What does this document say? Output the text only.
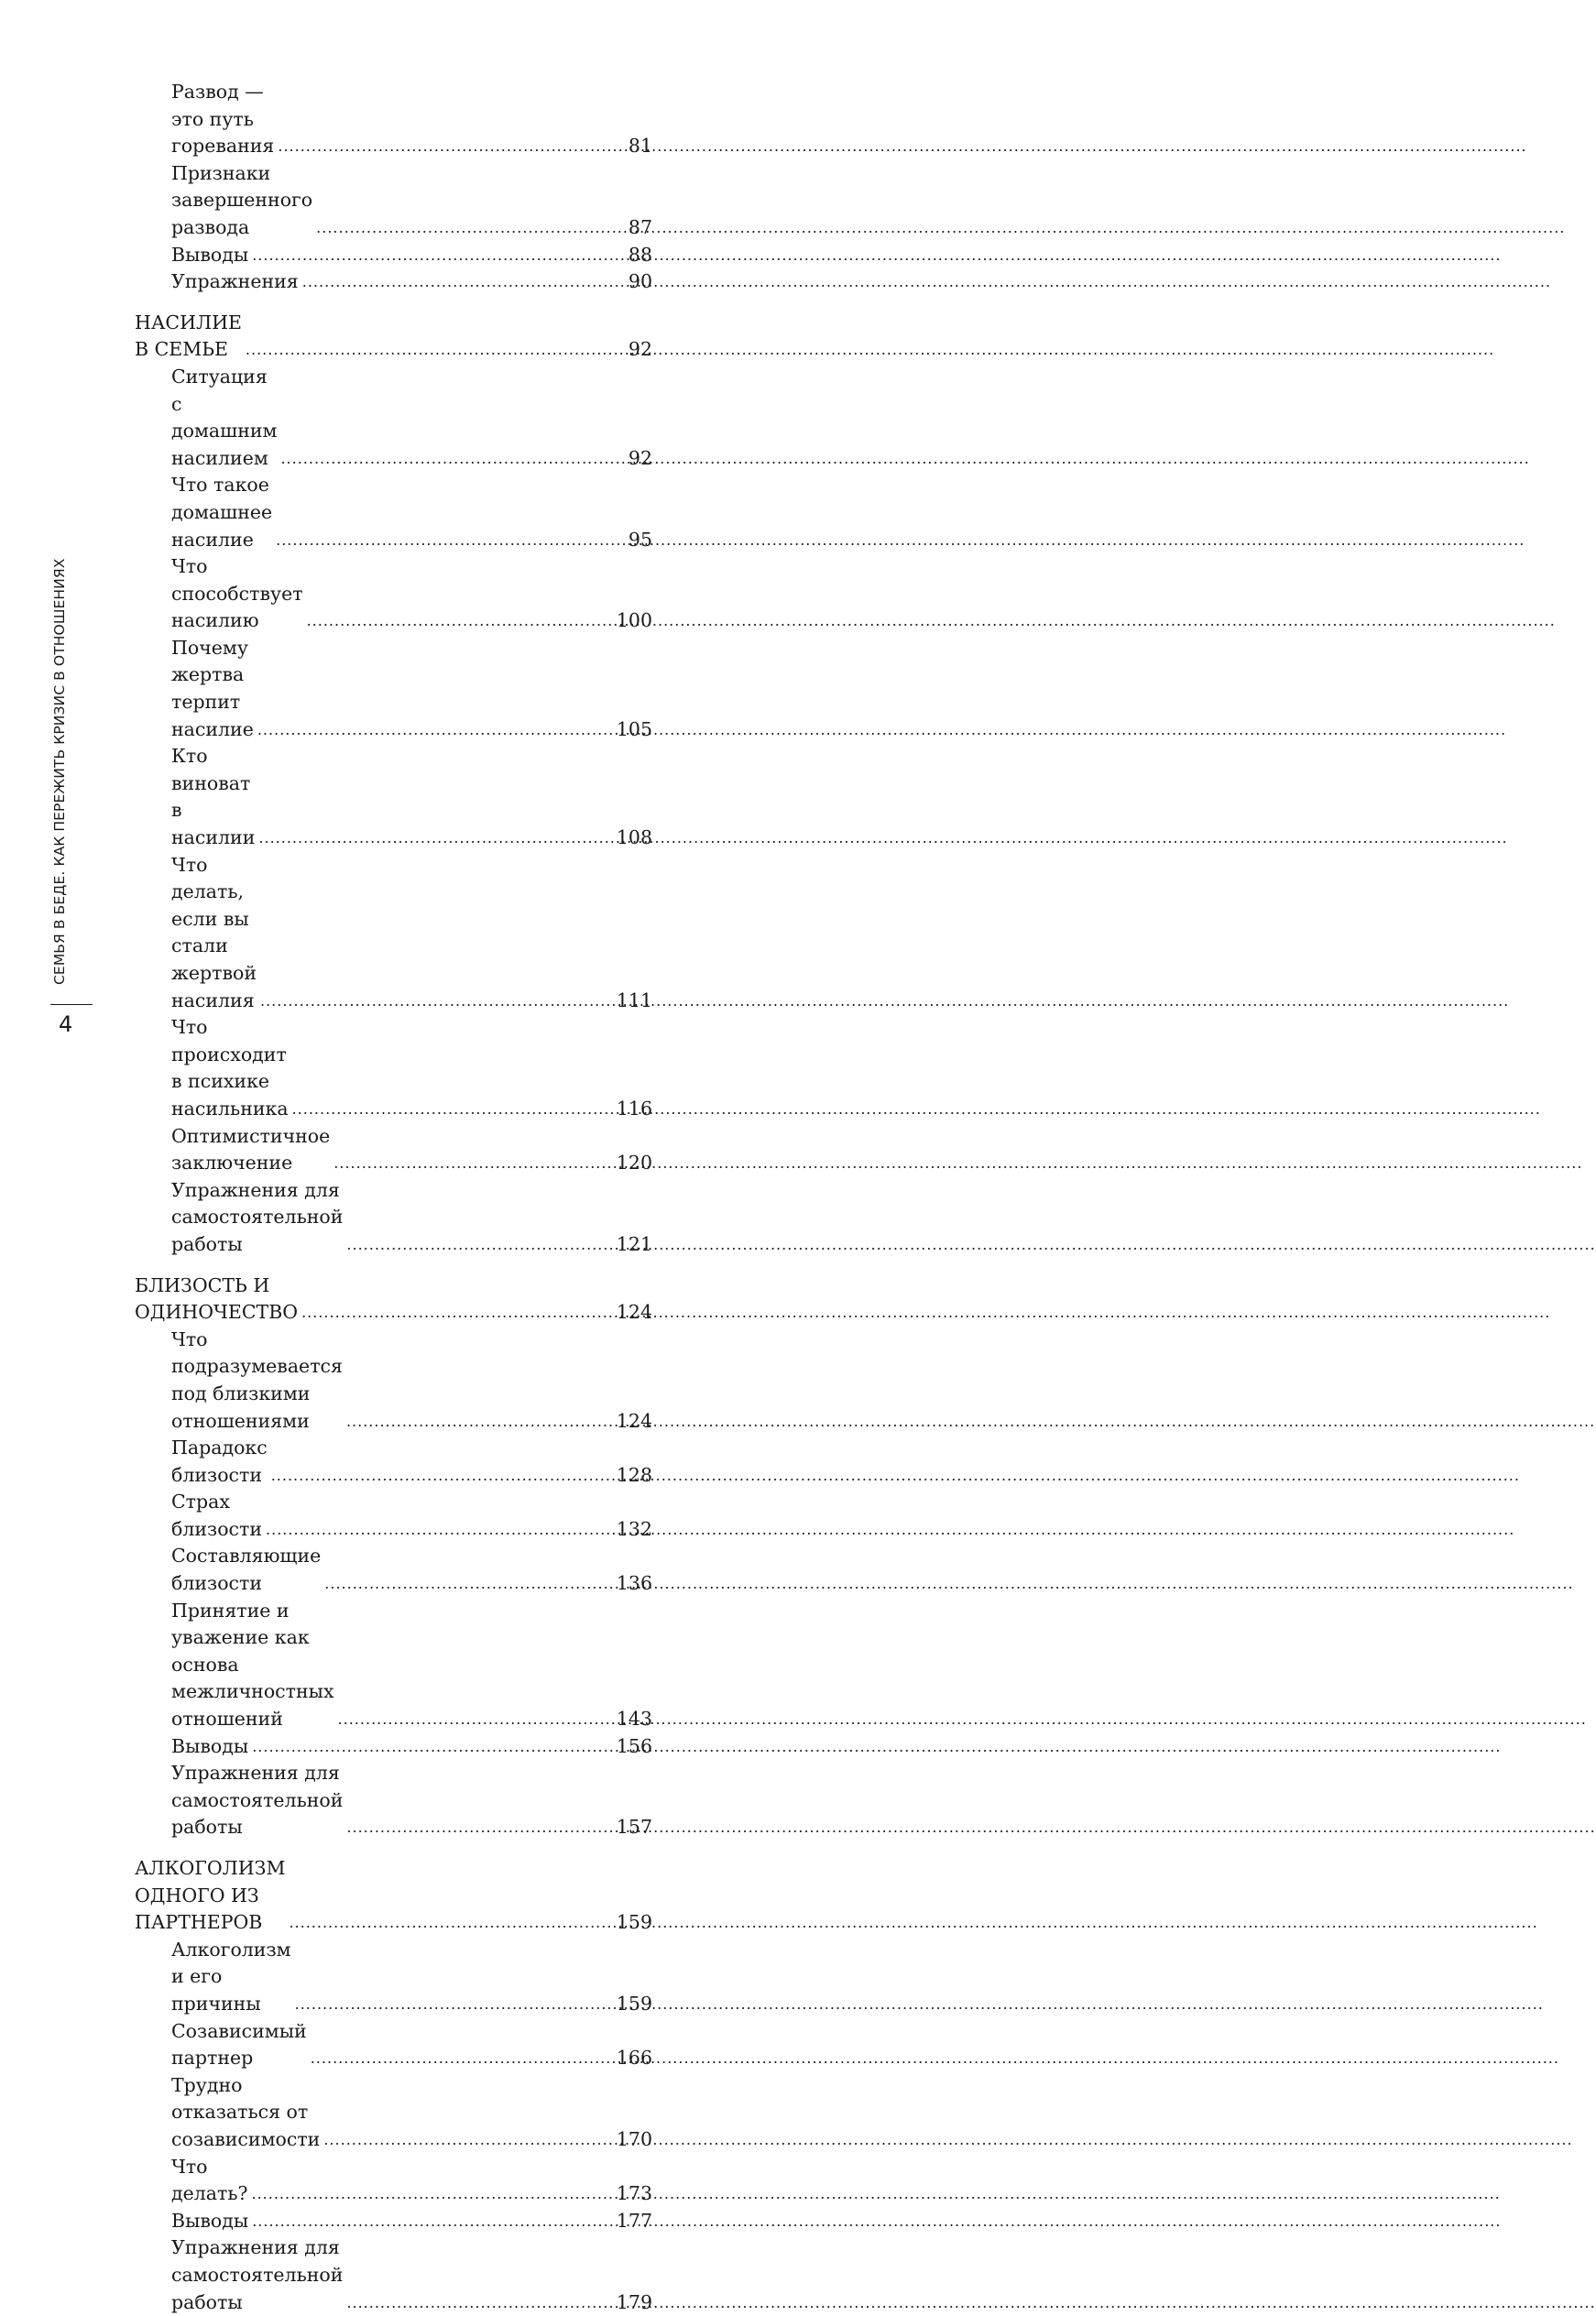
Развод — это путь горевания .....	81
Признаки завершенного развода .....	87
Выводы .....	88
Упражнения .....	90
НАСИЛИЕ В СЕМЬЕ .....	92
Ситуация с домашним насилием .....	92
Что такое домашнее насилие .....	95
Что способствует насилию .....	100
Почему жертва терпит насилие .....	105
Кто виноват в насилии .....	108
Что делать, если вы стали жертвой насилия .....	111
Что происходит в психике насильника .....	116
Оптимистичное заключение .....	120
Упражнения для самостоятельной работы .....	121
БЛИЗОСТЬ И ОДИНОЧЕСТВО .....	124
Что подразумевается под близкими
отношениями .....	124
Парадокс близости .....	128
Страх близости .....	132
Составляющие близости .....	136
Принятие и уважение как основа
межличностных отношений .....	143
Выводы .....	156
Упражнения для самостоятельной работы .....	157
АЛКОГОЛИЗМ ОДНОГО ИЗ ПАРТНЕРОВ .....	159
Алкоголизм и его причины .....	159
Созависимый партнер .....	166
Трудно отказаться от созависимости .....	170
Что делать? .....	173
Выводы .....	177
Упражнения для самостоятельной работы .....	179
СЕМЬЯ В БЕДЕ. КАК ПЕРЕЖИТЬ КРИЗИС В ОТНОШЕНИЯХ
4
